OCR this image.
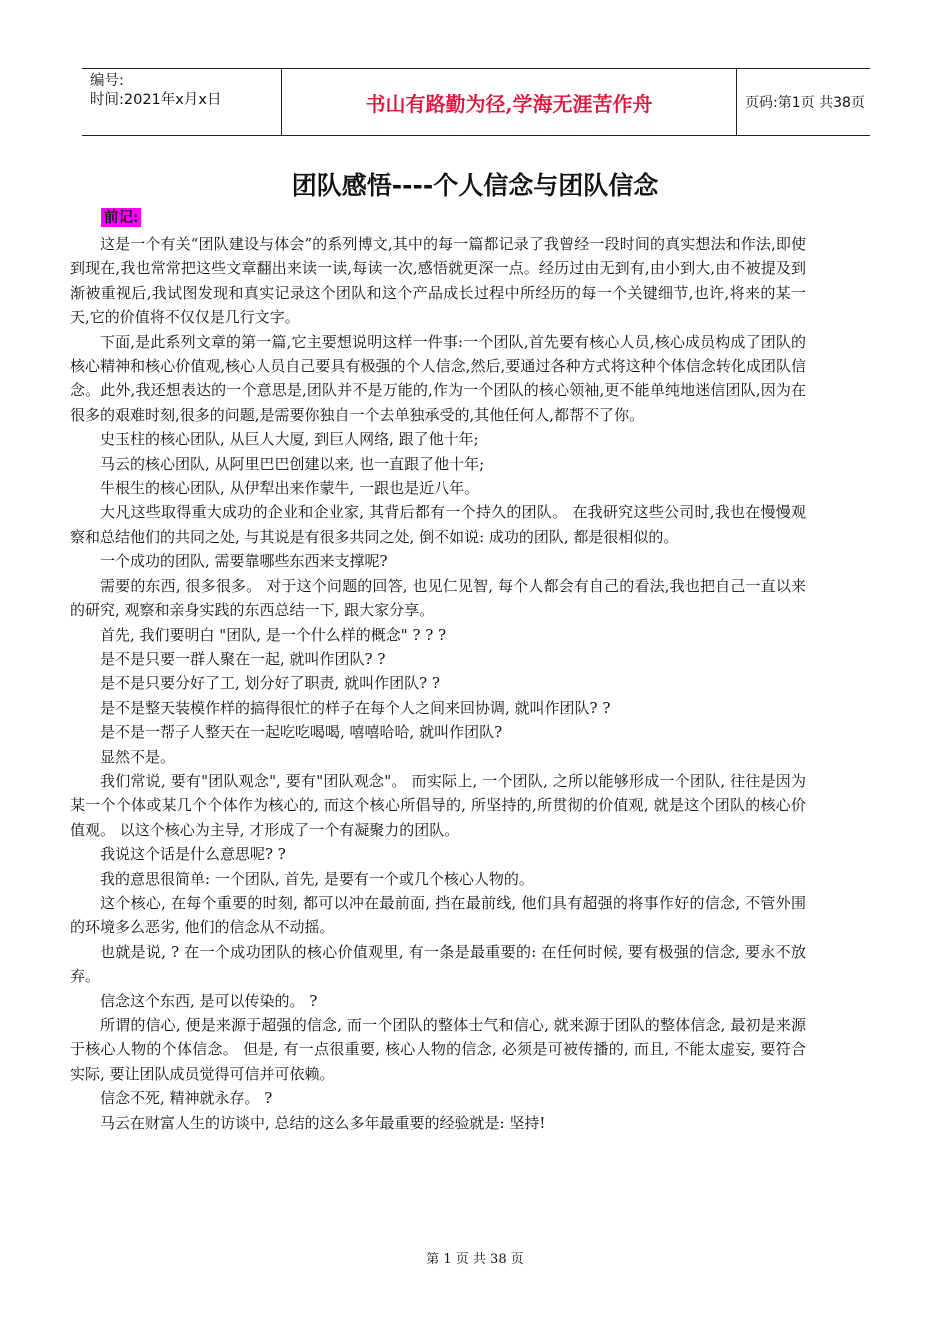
编号:
时间:2021年x月x日	书山有路勤为径,学海无涯苦作舟	页码:第1页 共38页
团队感悟----个人信念与团队信念
前记:

这是一个有关“团队建设与体会”的系列博文,其中的每一篇都记录了我曾经一段时间的真实想法和作法,即使到现在,我也常常把这些文章翻出来读一读,每读一次,感悟就更深一点。经历过由无到有,由小到大,由不被提及到渐被重视后,我试图发现和真实记录这个团队和这个产品成长过程中所经历的每一个关键细节,也许,将来的某一天,它的价值将不仅仅是几行文字。

下面,是此系列文章的第一篇,它主要想说明这样一件事:一个团队,首先要有核心人员,核心成员构成了团队的核心精神和核心价值观,核心人员自己要具有极强的个人信念,然后,要通过各种方式将这种个体信念转化成团队信念。此外,我还想表达的一个意思是,团队并不是万能的,作为一个团队的核心领袖,更不能单纯地迷信团队,因为在很多的艰难时刻,很多的问题,是需要你独自一个去单独承受的,其他任何人,都帮不了你。

史玉柱的核心团队, 从巨人大厦, 到巨人网络, 跟了他十年;

马云的核心团队, 从阿里巴巴创建以来, 也一直跟了他十年;

牛根生的核心团队, 从伊犁出来作蒙牛, 一跟也是近八年。

大凡这些取得重大成功的企业和企业家, 其背后都有一个持久的团队。 在我研究这些公司时,我也在慢慢观察和总结他们的共同之处, 与其说是有很多共同之处, 倒不如说: 成功的团队, 都是很相似的。

一个成功的团队, 需要靠哪些东西来支撑呢?

需要的东西, 很多很多。 对于这个问题的回答, 也见仁见智, 每个人都会有自己的看法,我也把自己一直以来的研究, 观察和亲身实践的东西总结一下, 跟大家分享。

首先, 我们要明白 "团队, 是一个什么样的概念" ? ? ?

是不是只要一群人聚在一起, 就叫作团队? ?

是不是只要分好了工, 划分好了职责, 就叫作团队? ?

是不是整天装模作样的搞得很忙的样子在每个人之间来回协调, 就叫作团队? ?

是不是一帮子人整天在一起吃吃喝喝, 嘻嘻哈哈, 就叫作团队?

显然不是。

我们常说, 要有"团队观念", 要有"团队观念"。 而实际上, 一个团队, 之所以能够形成一个团队, 往往是因为某一个个体或某几个个体作为核心的, 而这个核心所倡导的, 所坚持的,所贯彻的价值观, 就是这个团队的核心价值观。 以这个核心为主导, 才形成了一个有凝聚力的团队。

我说这个话是什么意思呢? ?

我的意思很简单: 一个团队, 首先, 是要有一个或几个核心人物的。

这个核心, 在每个重要的时刻, 都可以冲在最前面, 挡在最前线, 他们具有超强的将事作好的信念, 不管外围的环境多么恶劣, 他们的信念从不动摇。

也就是说, ? 在一个成功团队的核心价值观里, 有一条是最重要的: 在任何时候, 要有极强的信念, 要永不放弃。

信念这个东西, 是可以传染的。 ?

所谓的信心, 便是来源于超强的信念, 而一个团队的整体士气和信心, 就来源于团队的整体信念, 最初是来源于核心人物的个体信念。 但是, 有一点很重要, 核心人物的信念, 必须是可被传播的, 而且, 不能太虚妄, 要符合实际, 要让团队成员觉得可信并可依赖。

信念不死, 精神就永存。 ?

马云在财富人生的访谈中, 总结的这么多年最重要的经验就是: 坚持!

第 1 页 共 38 页
